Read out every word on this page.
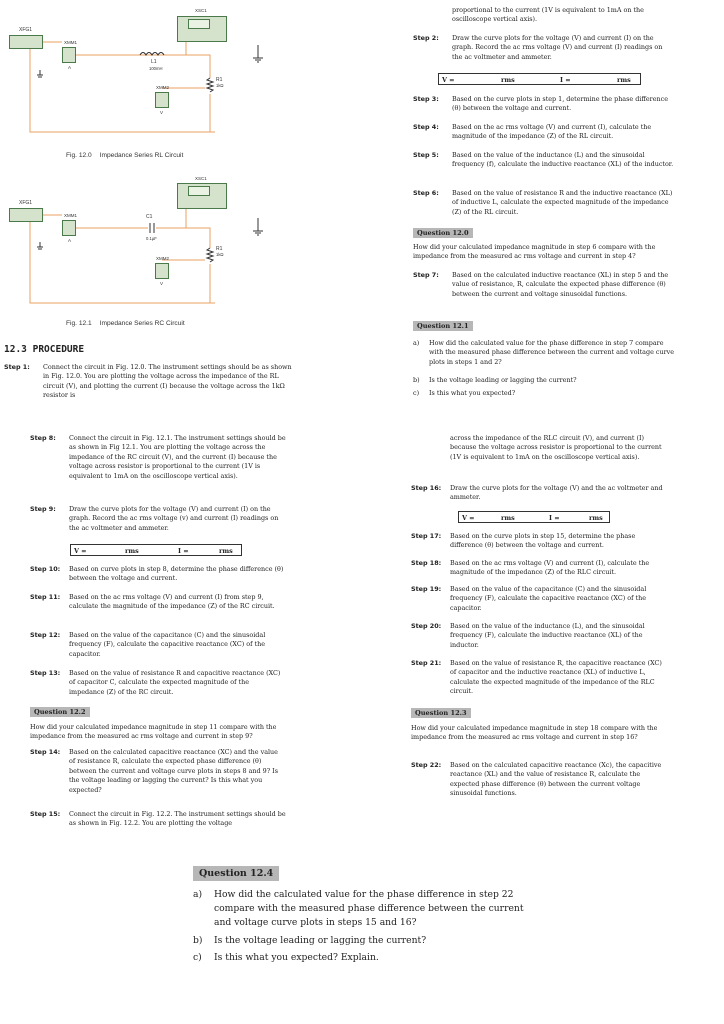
XFG1
XMM1
A
XSC1
L1
100mH
R1
1kΩ
XMM2
V
Fig. 12.0 Impedance Series RL Circuit
XFG1
XMM1
A
XSC1
C1
0.1µF
R1
1kΩ
XMM2
V
Fig. 12.1 Impedance Series RC Circuit
12.3 PROCEDURE
Step 1:	Connect the circuit in Fig. 12.0. The instrument settings should be as shown in Fig. 12.0. You are plotting the voltage across the impedance of the RL circuit (V), and plotting the current (I) because the voltage across the 1kΩ resistor is
proportional to the current (1V is equivalent to 1mA on the oscilloscope vertical axis).
Step 2:	Draw the curve plots for the voltage (V) and current (I) on the graph. Record the ac rms voltage (V) and current (I) readings on the ac voltmeter and ammeter.
V =	rms	I =	rms
Step 3:	Based on the curve plots in step 1, determine the phase difference (θ) between the voltage and current.
Step 4:	Based on the ac rms voltage (V) and current (I), calculate the magnitude of the impedance (Z) of the RL circuit.
Step 5:	Based on the value of the inductance (L) and the sinusoidal frequency (f), calculate the inductive reactance (XL) of the inductor.
Step 6:	Based on the value of resistance R and the inductive reactance (XL) of inductive L, calculate the expected magnitude of the impedance (Z) of the RL circuit.
Question 12.0
How did your calculated impedance magnitude in step 6 compare with the impedance from the measured ac rms voltage and current in step 4?
Step 7:	Based on the calculated inductive reactance (XL) in step 5 and the value of resistance, R, calculate the expected phase difference (θ) between the current and voltage sinusoidal functions.
Question 12.1
a)	How did the calculated value for the phase difference in step 7 compare with the measured phase difference between the current and voltage curve plots in steps 1 and 2?
b)	Is the voltage leading or lagging the current?
c)	Is this what you expected?
Step 8:	Connect the circuit in Fig. 12.1. The instrument settings should be as shown in Fig 12.1. You are plotting the voltage across the impedance of the RC circuit (V), and the current (I) because the voltage across resistor is proportional to the current (1V is equivalent to 1mA on the oscilloscope vertical axis).
Step 9:	Draw the curve plots for the voltage (V) and current (I) on the graph. Record the ac rms voltage (v) and current (I) readings on the ac voltmeter and ammeter.
V =	rms	I =	rms
Step 10:	Based on curve plots in step 8, determine the phase difference (θ) between the voltage and current.
Step 11:	Based on the ac rms voltage (V) and current (I) from step 9, calculate the magnitude of the impedance (Z) of the RC circuit.
Step 12:	Based on the value of the capacitance (C) and the sinusoidal frequency (F), calculate the capacitive reactance (XC) of the capacitor.
Step 13:	Based on the value of resistance R and capacitive reactance (XC) of capacitor C, calculate the expected magnitude of the impedance (Z) of the RC circuit.
Question 12.2
How did your calculated impedance magnitude in step 11 compare with the impedance from the measured ac rms voltage and current in step 9?
Step 14:	Based on the calculated capacitive reactance (XC) and the value of resistance R, calculate the expected phase difference (θ) between the current and voltage curve plots in steps 8 and 9? Is the voltage leading or lagging the current? Is this what you expected?
Step 15:	Connect the circuit in Fig. 12.2. The instrument settings should be as shown in Fig. 12.2. You are plotting the voltage
across the impedance of the RLC circuit (V), and current (I) because the voltage across resistor is proportional to the current (1V is equivalent to 1mA on the oscilloscope vertical axis).
Step 16:	Draw the curve plots for the voltage (V) and the ac voltmeter and ammeter.
V =	rms	I =	rms
Step 17:	Based on the curve plots in step 15, determine the phase difference (θ) between the voltage and current.
Step 18:	Based on the ac rms voltage (V) and current (I), calculate the magnitude of the impedance (Z) of the RLC circuit.
Step 19:	Based on the value of the capacitance (C) and the sinusoidal frequency (F), calculate the capacitive reactance (XC) of the capacitor.
Step 20:	Based on the value of the inductance (L), and the sinusoidal frequency (F), calculate the inductive reactance (XL) of the inductor.
Step 21:	Based on the value of resistance R, the capacitive reactance (XC) of capacitor and the inductive reactance (XL) of inductive L, calculate the expected magnitude of the impedance of the RLC circuit.
Question 12.3
How did your calculated impedance magnitude in step 18 compare with the impedance from the measured ac rms voltage and current in step 16?
Step 22:	Based on the calculated capacitive reactance (Xc), the capacitive reactance (XL) and the value of resistance R, calculate the expected phase difference (θ) between the current voltage sinusoidal functions.
Question 12.4
a)	How did the calculated value for the phase difference in step 22 compare with the measured phase difference between the current and voltage curve plots in steps 15 and 16?
b)	Is the voltage leading or lagging the current?
c)	Is this what you expected? Explain.
